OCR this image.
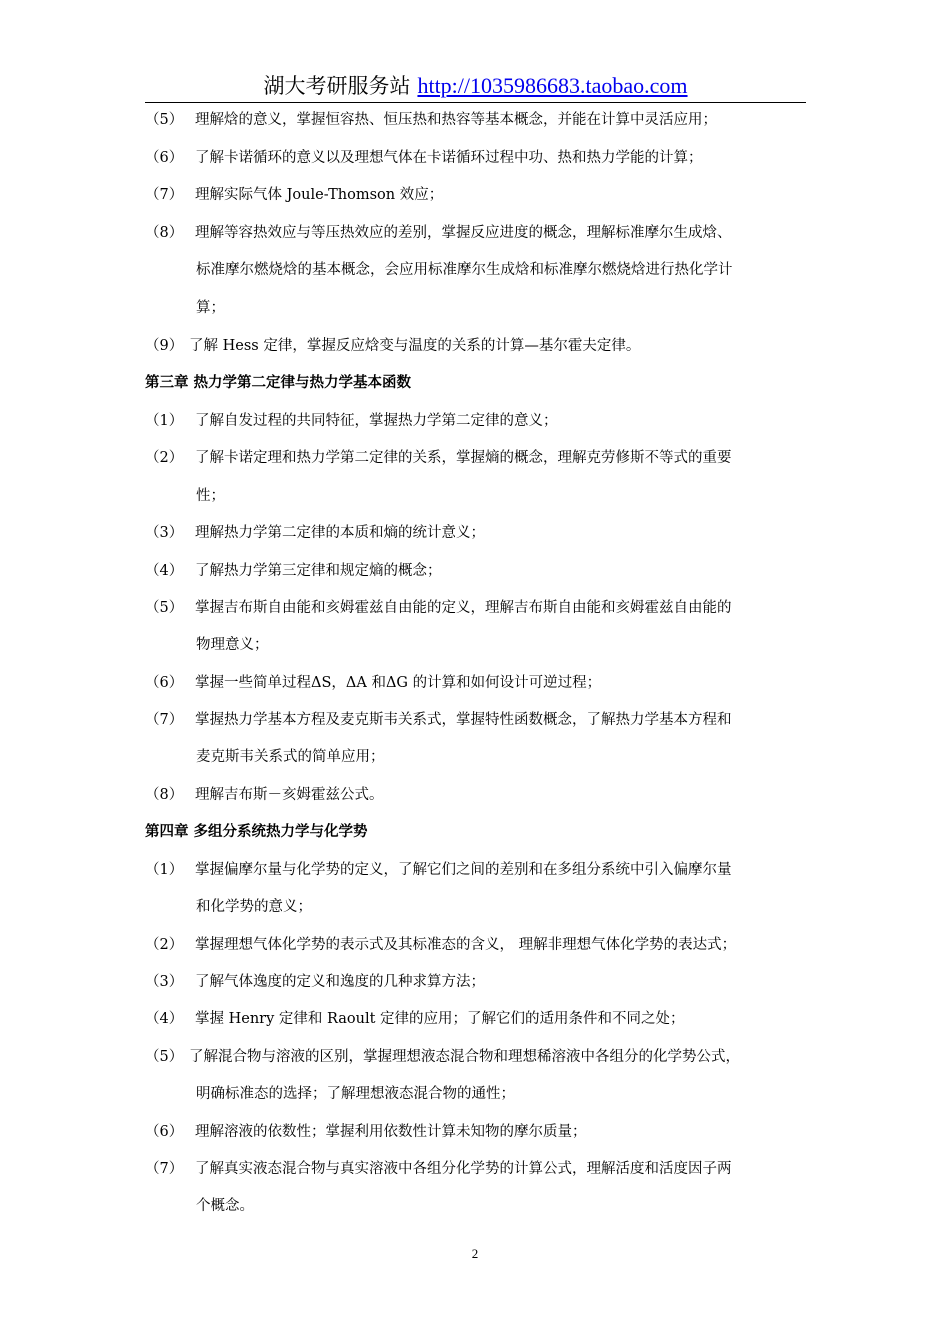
湖大考研服务站 http://1035986683.taobao.com
（5） 理解焓的意义，掌握恒容热、恒压热和热容等基本概念，并能在计算中灵活应用；
（6） 了解卡诺循环的意义以及理想气体在卡诺循环过程中功、热和热力学能的计算；
（7） 理解实际气体 Joule-Thomson 效应；
（8） 理解等容热效应与等压热效应的差别，掌握反应进度的概念，理解标准摩尔生成焓、
标准摩尔燃烧焓的基本概念，会应用标准摩尔生成焓和标准摩尔燃烧焓进行热化学计
算；
（9） 了解 Hess 定律，掌握反应焓变与温度的关系的计算—基尔霍夫定律。
第三章 热力学第二定律与热力学基本函数
（1） 了解自发过程的共同特征，掌握热力学第二定律的意义；
（2） 了解卡诺定理和热力学第二定律的关系，掌握熵的概念，理解克劳修斯不等式的重要
性；
（3） 理解热力学第二定律的本质和熵的统计意义；
（4） 了解热力学第三定律和规定熵的概念；
（5） 掌握吉布斯自由能和亥姆霍兹自由能的定义，理解吉布斯自由能和亥姆霍兹自由能的
物理意义；
（6） 掌握一些简单过程ΔS，ΔA 和ΔG 的计算和如何设计可逆过程；
（7） 掌握热力学基本方程及麦克斯韦关系式，掌握特性函数概念，了解热力学基本方程和
麦克斯韦关系式的简单应用；
（8） 理解吉布斯－亥姆霍兹公式。
第四章 多组分系统热力学与化学势
（1） 掌握偏摩尔量与化学势的定义，了解它们之间的差别和在多组分系统中引入偏摩尔量
和化学势的意义；
（2） 掌握理想气体化学势的表示式及其标准态的含义， 理解非理想气体化学势的表达式；
（3） 了解气体逸度的定义和逸度的几种求算方法；
（4） 掌握 Henry 定律和 Raoult 定律的应用；了解它们的适用条件和不同之处；
（5） 了解混合物与溶液的区别，掌握理想液态混合物和理想稀溶液中各组分的化学势公式，
明确标准态的选择；了解理想液态混合物的通性；
（6） 理解溶液的依数性；掌握利用依数性计算未知物的摩尔质量；
（7） 了解真实液态混合物与真实溶液中各组分化学势的计算公式，理解活度和活度因子两
个概念。
2
